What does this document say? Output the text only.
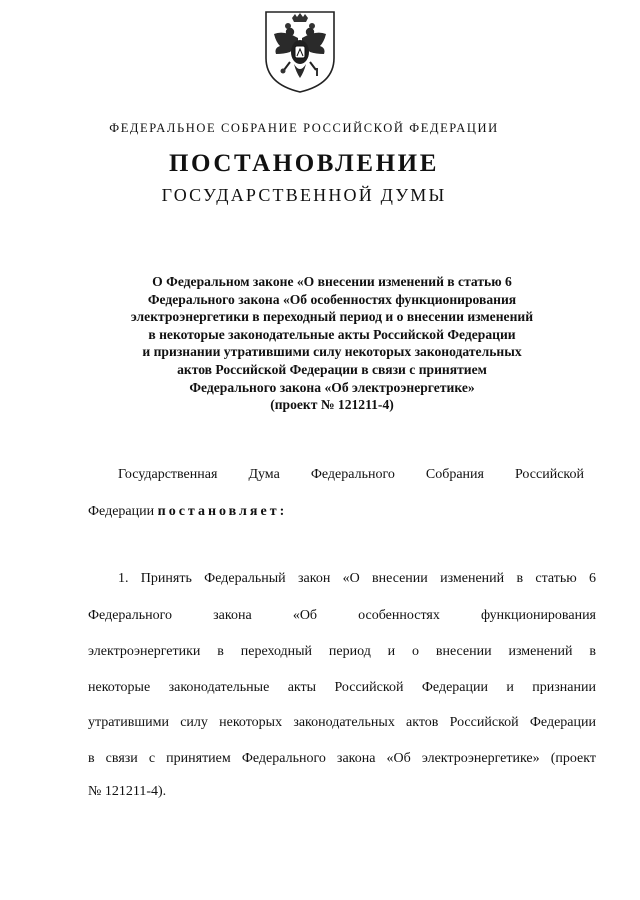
ФЕДЕРАЛЬНОЕ СОБРАНИЕ РОССИЙСКОЙ ФЕДЕРАЦИИ
ПОСТАНОВЛЕНИЕ
ГОСУДАРСТВЕННОЙ ДУМЫ
О Федеральном законе «О внесении изменений в статью 6
Федерального закона «Об особенностях функционирования
электроэнергетики в переходный период и о внесении изменений
в некоторые законодательные акты Российской Федерации
и признании утратившими силу некоторых законодательных
актов Российской Федерации в связи с принятием
Федерального закона «Об электроэнергетике»
(проект № 121211-4)
Государственная Дума Федерального Собрания Российской
Федерации постановляет:
1. Принять Федеральный закон «О внесении изменений в статью 6
Федерального закона «Об особенностях функционирования
электроэнергетики в переходный период и о внесении изменений в
некоторые законодательные акты Российской Федерации и признании
утратившими силу некоторых законодательных актов Российской Федерации
в связи с принятием Федерального закона «Об электроэнергетике» (проект
№ 121211-4).
